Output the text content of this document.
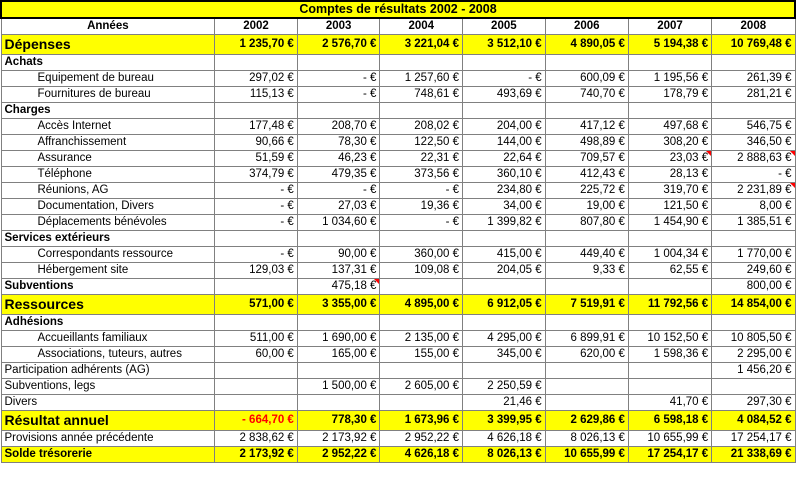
Comptes de résultats 2002 - 2008							
Années	2002	2003	2004	2005	2006	2007	2008
Dépenses	1 235,70 €	2 576,70 €	3 221,04 €	3 512,10 €	4 890,05 €	5 194,38 €	10 769,48 €
Achats							
Equipement de bureau	297,02 €	- €	1 257,60 €	- €	600,09 €	1 195,56 €	261,39 €
Fournitures de bureau	115,13 €	- €	748,61 €	493,69 €	740,70 €	178,79 €	281,21 €
Charges							
Accès Internet	177,48 €	208,70 €	208,02 €	204,00 €	417,12 €	497,68 €	546,75 €
Affranchissement	90,66 €	78,30 €	122,50 €	144,00 €	498,89 €	308,20 €	346,50 €
Assurance	51,59 €	46,23 €	22,31 €	22,64 €	709,57 €	23,03 €	2 888,63 €

Téléphone	374,79 €	479,35 €	373,56 €	360,10 €	412,43 €	28,13 €	- €
Réunions, AG	- €	- €	- €	234,80 €	225,72 €	319,70 €	2 231,89 €

Documentation, Divers	- €	27,03 €	19,36 €	34,00 €	19,00 €	121,50 €	8,00 €
Déplacements bénévoles	- €	1 034,60 €	- €	1 399,82 €	807,80 €	1 454,90 €	1 385,51 €
Services extérieurs							
Correspondants ressource	- €	90,00 €	360,00 €	415,00 €	449,40 €	1 004,34 €	1 770,00 €
Hébergement site	129,03 €	137,31 €	109,08 €	204,05 €	9,33 €	62,55 €	249,60 €
Subventions		475,18 €					800,00 €
Ressources	571,00 €	3 355,00 €	4 895,00 €	6 912,05 €	7 519,91 €	11 792,56 €	14 854,00 €
Adhésions							
Accueillants familiaux	511,00 €	1 690,00 €	2 135,00 €	4 295,00 €	6 899,91 €	10 152,50 €	10 805,50 €
Associations, tuteurs, autres	60,00 €	165,00 €	155,00 €	345,00 €	620,00 €	1 598,36 €	2 295,00 €
Participation adhérents (AG)							1 456,20 €
Subventions, legs		1 500,00 €	2 605,00 €	2 250,59 €			
Divers				21,46 €		41,70 €	297,30 €
Résultat annuel	- 664,70 €	778,30 €	1 673,96 €	3 399,95 €	2 629,86 €	6 598,18 €	4 084,52 €
Provisions année précédente	2 838,62 €	2 173,92 €	2 952,22 €	4 626,18 €	8 026,13 €	10 655,99 €	17 254,17 €
Solde trésorerie	2 173,92 €	2 952,22 €	4 626,18 €	8 026,13 €	10 655,99 €	17 254,17 €	21 338,69 €
